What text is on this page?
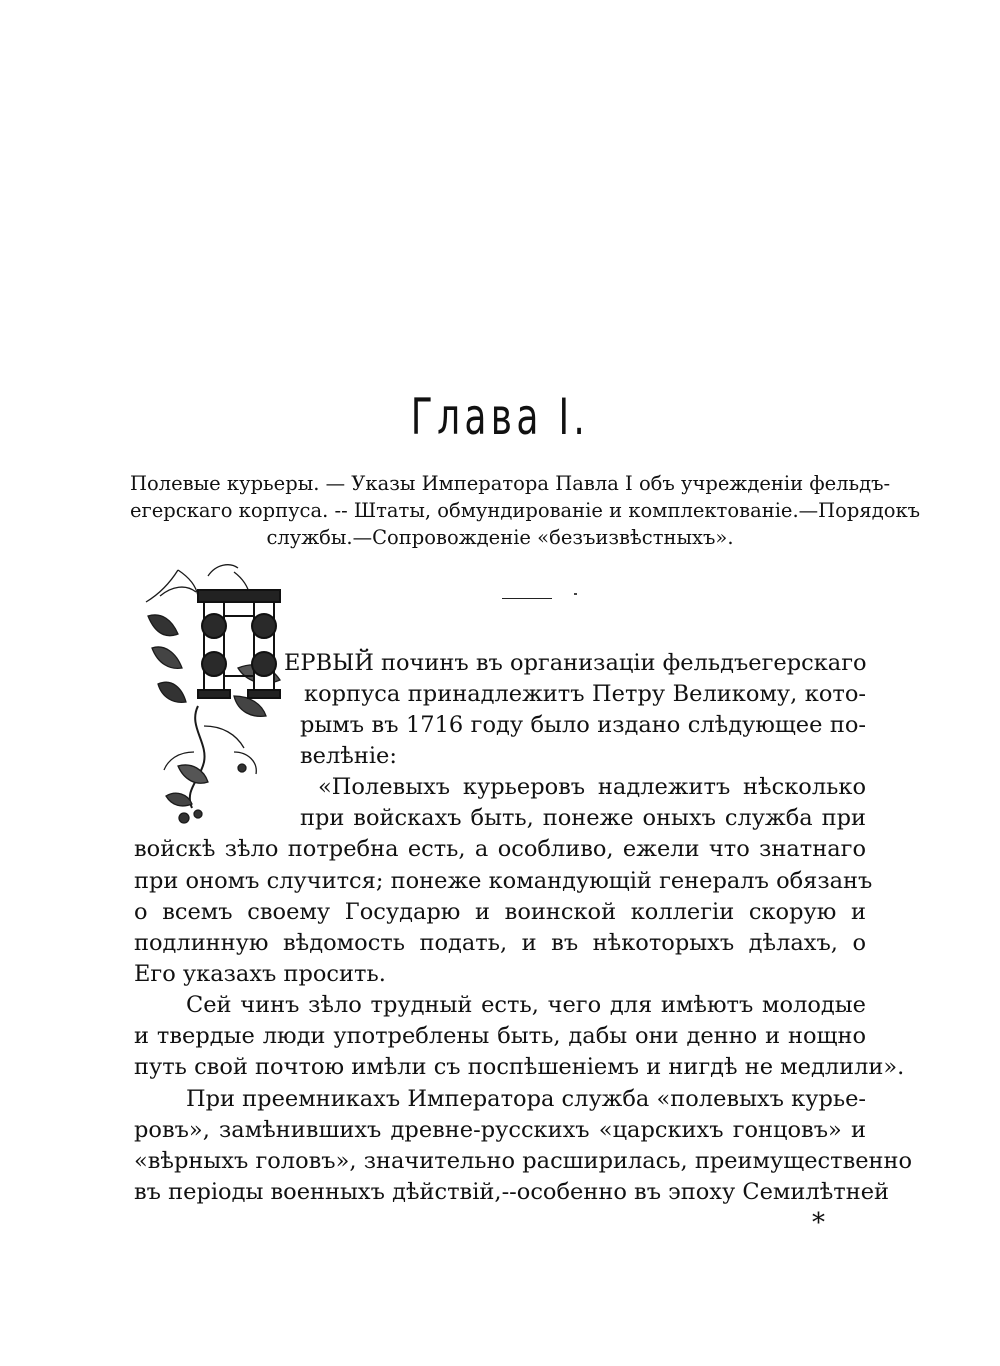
Глава I.
Полевые курьеры. — Указы Императора Павла I объ учрежденіи фельдъ-
егерскаго корпуса. -- Штаты, обмундированіе и комплектованіе.—Порядокъ
службы.—Сопровожденіе «безъизвѣстныхъ».
ЕРВЫЙ починъ въ организаціи фельдъегерскаго
корпуса принадлежитъ Петру Великому, кото-
рымъ въ 1716 году было издано слѣдующее по-
велѣніе:
«Полевыхъ курьеровъ надлежитъ нѣсколько
при войскахъ быть, понеже оныхъ служба при
войскѣ зѣло потребна есть, а особливо, ежели что знатнаго
при ономъ случится; понеже командующій генералъ обязанъ
о всемъ своему Государю и воинской коллегіи скорую и
подлинную вѣдомость подать, и въ нѣкоторыхъ дѣлахъ, о
Его указахъ просить.
Сей чинъ зѣло трудный есть, чего для имѣютъ молодые
и твердые люди употреблены быть, дабы они денно и нощно
путь свой почтою имѣли съ поспѣшеніемъ и нигдѣ не медлили».
При преемникахъ Императора служба «полевыхъ курье-
ровъ», замѣнившихъ древне-русскихъ «царскихъ гонцовъ» и
«вѣрныхъ головъ», значительно расширилась, преимущественно
въ періоды военныхъ дѣйствій,--особенно въ эпоху Семилѣтней
*
